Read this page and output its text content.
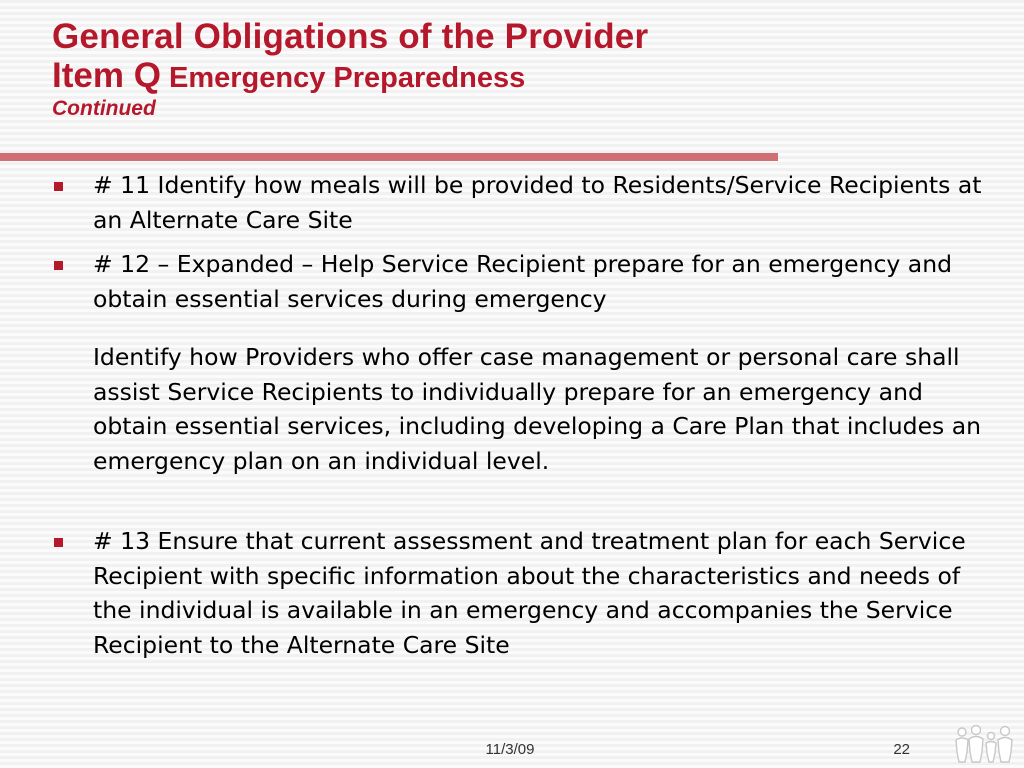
General Obligations of the Provider
Item Q Emergency Preparedness
Continued
# 11 Identify how meals will be provided to Residents/Service Recipients at an Alternate Care Site
# 12 – Expanded – Help Service Recipient prepare for an emergency and obtain essential services during emergency
Identify how Providers who offer case management or personal care shall assist Service Recipients to individually prepare for an emergency and obtain essential services, including developing a Care Plan that includes an emergency plan on an individual level.
# 13 Ensure that current assessment and treatment plan for each Service Recipient with specific information about the characteristics and needs of the individual is available in an emergency and accompanies the Service Recipient to the Alternate Care Site
11/3/09	22
